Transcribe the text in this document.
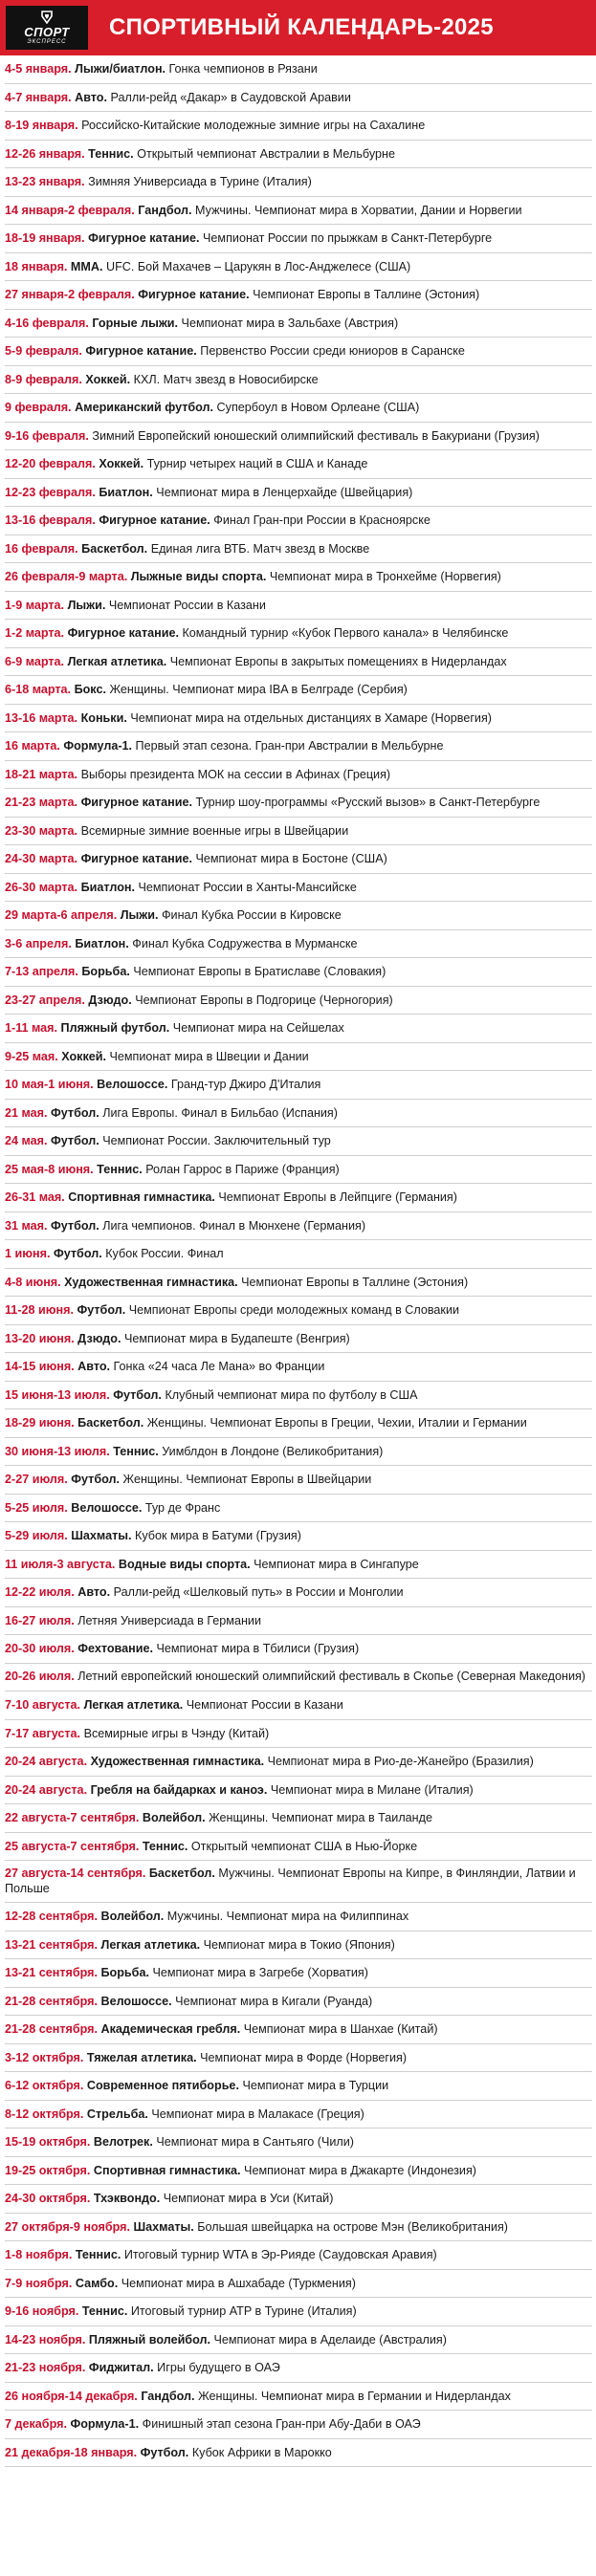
СПОРТ
ЭКСПРЕСС
СПОРТИВНЫЙ КАЛЕНДАРЬ-2025
4-5 января. Лыжи/биатлон. Гонка чемпионов в Рязани
4-7 января. Авто. Ралли-рейд «Дакар» в Саудовской Аравии
8-19 января. Российско-Китайские молодежные зимние игры на Сахалине
12-26 января. Теннис. Открытый чемпионат Австралии в Мельбурне
13-23 января. Зимняя Универсиада в Турине (Италия)
14 января-2 февраля. Гандбол. Мужчины. Чемпионат мира в Хорватии, Дании и Норвегии
18-19 января. Фигурное катание. Чемпионат России по прыжкам в Санкт-Петербурге
18 января. ММА. UFC. Бой Махачев – Царукян в Лос-Анджелесе (США)
27 января-2 февраля. Фигурное катание. Чемпионат Европы в Таллине (Эстония)
4-16 февраля. Горные лыжи. Чемпионат мира в Зальбахе (Австрия)
5-9 февраля. Фигурное катание. Первенство России среди юниоров в Саранске
8-9 февраля. Хоккей. КХЛ. Матч звезд в Новосибирске
9 февраля. Американский футбол. Супербоул в Новом Орлеане (США)
9-16 февраля. Зимний Европейский юношеский олимпийский фестиваль в Бакуриани (Грузия)
12-20 февраля. Хоккей. Турнир четырех наций в США и Канаде
12-23 февраля. Биатлон. Чемпионат мира в Ленцерхайде (Швейцария)
13-16 февраля. Фигурное катание. Финал Гран-при России в Красноярске
16 февраля. Баскетбол. Единая лига ВТБ. Матч звезд в Москве
26 февраля-9 марта. Лыжные виды спорта. Чемпионат мира в Тронхейме (Норвегия)
1-9 марта. Лыжи. Чемпионат России в Казани
1-2 марта. Фигурное катание. Командный турнир «Кубок Первого канала» в Челябинске
6-9 марта. Легкая атлетика. Чемпионат Европы в закрытых помещениях в Нидерландах
6-18 марта. Бокс. Женщины. Чемпионат мира IBA в Белграде (Сербия)
13-16 марта. Коньки. Чемпионат мира на отдельных дистанциях в Хамаре (Норвегия)
16 марта. Формула-1. Первый этап сезона. Гран-при Австралии в Мельбурне
18-21 марта. Выборы президента МОК на сессии в Афинах (Греция)
21-23 марта. Фигурное катание. Турнир шоу-программы «Русский вызов» в Санкт-Петербурге
23-30 марта. Всемирные зимние военные игры в Швейцарии
24-30 марта. Фигурное катание. Чемпионат мира в Бостоне (США)
26-30 марта. Биатлон. Чемпионат России в Ханты-Мансийске
29 марта-6 апреля. Лыжи. Финал Кубка России в Кировске
3-6 апреля. Биатлон. Финал Кубка Содружества в Мурманске
7-13 апреля. Борьба. Чемпионат Европы в Братиславе (Словакия)
23-27 апреля. Дзюдо. Чемпионат Европы в Подгорице (Черногория)
1-11 мая. Пляжный футбол. Чемпионат мира на Сейшелах
9-25 мая. Хоккей. Чемпионат мира в Швеции и Дании
10 мая-1 июня. Велошоссе. Гранд-тур Джиро Д'Италия
21 мая. Футбол. Лига Европы. Финал в Бильбао (Испания)
24 мая. Футбол. Чемпионат России. Заключительный тур
25 мая-8 июня. Теннис. Ролан Гаррос в Париже (Франция)
26-31 мая. Спортивная гимнастика. Чемпионат Европы в Лейпциге (Германия)
31 мая. Футбол. Лига чемпионов. Финал в Мюнхене (Германия)
1 июня. Футбол. Кубок России. Финал
4-8 июня. Художественная гимнастика. Чемпионат Европы в Таллине (Эстония)
11-28 июня. Футбол. Чемпионат Европы среди молодежных команд в Словакии
13-20 июня. Дзюдо. Чемпионат мира в Будапеште (Венгрия)
14-15 июня. Авто. Гонка «24 часа Ле Мана» во Франции
15 июня-13 июля. Футбол. Клубный чемпионат мира по футболу в США
18-29 июня. Баскетбол. Женщины. Чемпионат Европы в Греции, Чехии, Италии и Германии
30 июня-13 июля. Теннис. Уимблдон в Лондоне (Великобритания)
2-27 июля. Футбол. Женщины. Чемпионат Европы в Швейцарии
5-25 июля. Велошоссе. Тур де Франс
5-29 июля. Шахматы. Кубок мира в Батуми (Грузия)
11 июля-3 августа. Водные виды спорта. Чемпионат мира в Сингапуре
12-22 июля. Авто. Ралли-рейд «Шелковый путь» в России и Монголии
16-27 июля. Летняя Универсиада в Германии
20-30 июля. Фехтование. Чемпионат мира в Тбилиси (Грузия)
20-26 июля. Летний европейский юношеский олимпийский фестиваль в Скопье (Северная Македония)
7-10 августа. Легкая атлетика. Чемпионат России в Казани
7-17 августа. Всемирные игры в Чэнду (Китай)
20-24 августа. Художественная гимнастика. Чемпионат мира в Рио-де-Жанейро (Бразилия)
20-24 августа. Гребля на байдарках и каноэ. Чемпионат мира в Милане (Италия)
22 августа-7 сентября. Волейбол. Женщины. Чемпионат мира в Таиланде
25 августа-7 сентября. Теннис. Открытый чемпионат США в Нью-Йорке
27 августа-14 сентября. Баскетбол. Мужчины. Чемпионат Европы на Кипре, в Финляндии, Латвии и Польше
12-28 сентября. Волейбол. Мужчины. Чемпионат мира на Филиппинах
13-21 сентября. Легкая атлетика. Чемпионат мира в Токио (Япония)
13-21 сентября. Борьба. Чемпионат мира в Загребе (Хорватия)
21-28 сентября. Велошоссе. Чемпионат мира в Кигали (Руанда)
21-28 сентября. Академическая гребля. Чемпионат мира в Шанхае (Китай)
3-12 октября. Тяжелая атлетика. Чемпионат мира в Форде (Норвегия)
6-12 октября. Современное пятиборье. Чемпионат мира в Турции
8-12 октября. Стрельба. Чемпионат мира в Малакасе (Греция)
15-19 октября. Велотрек. Чемпионат мира в Сантьяго (Чили)
19-25 октября. Спортивная гимнастика. Чемпионат мира в Джакарте (Индонезия)
24-30 октября. Тхэквондо. Чемпионат мира в Уси (Китай)
27 октября-9 ноября. Шахматы. Большая швейцарка на острове Мэн (Великобритания)
1-8 ноября. Теннис. Итоговый турнир WTA в Эр-Рияде (Саудовская Аравия)
7-9 ноября. Самбо. Чемпионат мира в Ашхабаде (Туркмения)
9-16 ноября. Теннис. Итоговый турнир ATP в Турине (Италия)
14-23 ноября. Пляжный волейбол. Чемпионат мира в Аделаиде (Австралия)
21-23 ноября. Фиджитал. Игры будущего в ОАЭ
26 ноября-14 декабря. Гандбол. Женщины. Чемпионат мира в Германии и Нидерландах
7 декабря. Формула-1. Финишный этап сезона Гран-при Абу-Даби в ОАЭ
21 декабря-18 января. Футбол. Кубок Африки в Марокко
